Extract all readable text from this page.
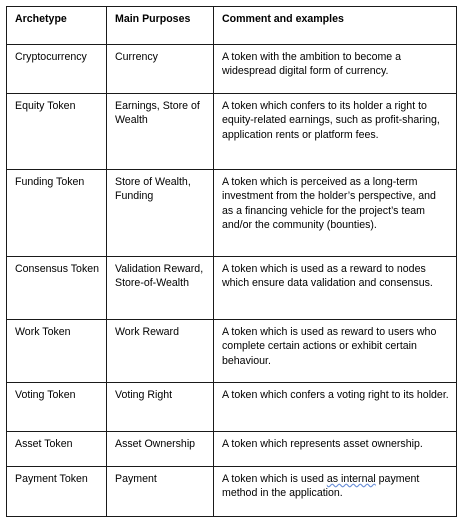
Archetype	Main Purposes	Comment and examples
Cryptocurrency	Currency	A token with the ambition to become a widespread digital form of currency.
Equity Token	Earnings, Store of Wealth	A token which confers to its holder a right to equity-related earnings, such as profit-sharing, application rents or platform fees.
Funding Token	Store of Wealth, Funding	A token which is perceived as a long-term investment from the holder’s perspective, and as a financing vehicle for the project’s team and/or the community (bounties).
Consensus Token	Validation Reward, Store-of-Wealth	A token which is used as a reward to nodes which ensure data validation and consensus.
Work Token	Work Reward	A token which is used as reward to users who complete certain actions or exhibit certain behaviour.
Voting Token	Voting Right	A token which confers a voting right to its holder.
Asset Token	Asset Ownership	A token which represents asset ownership.
Payment Token	Payment	A token which is used as internal payment method in the application.
